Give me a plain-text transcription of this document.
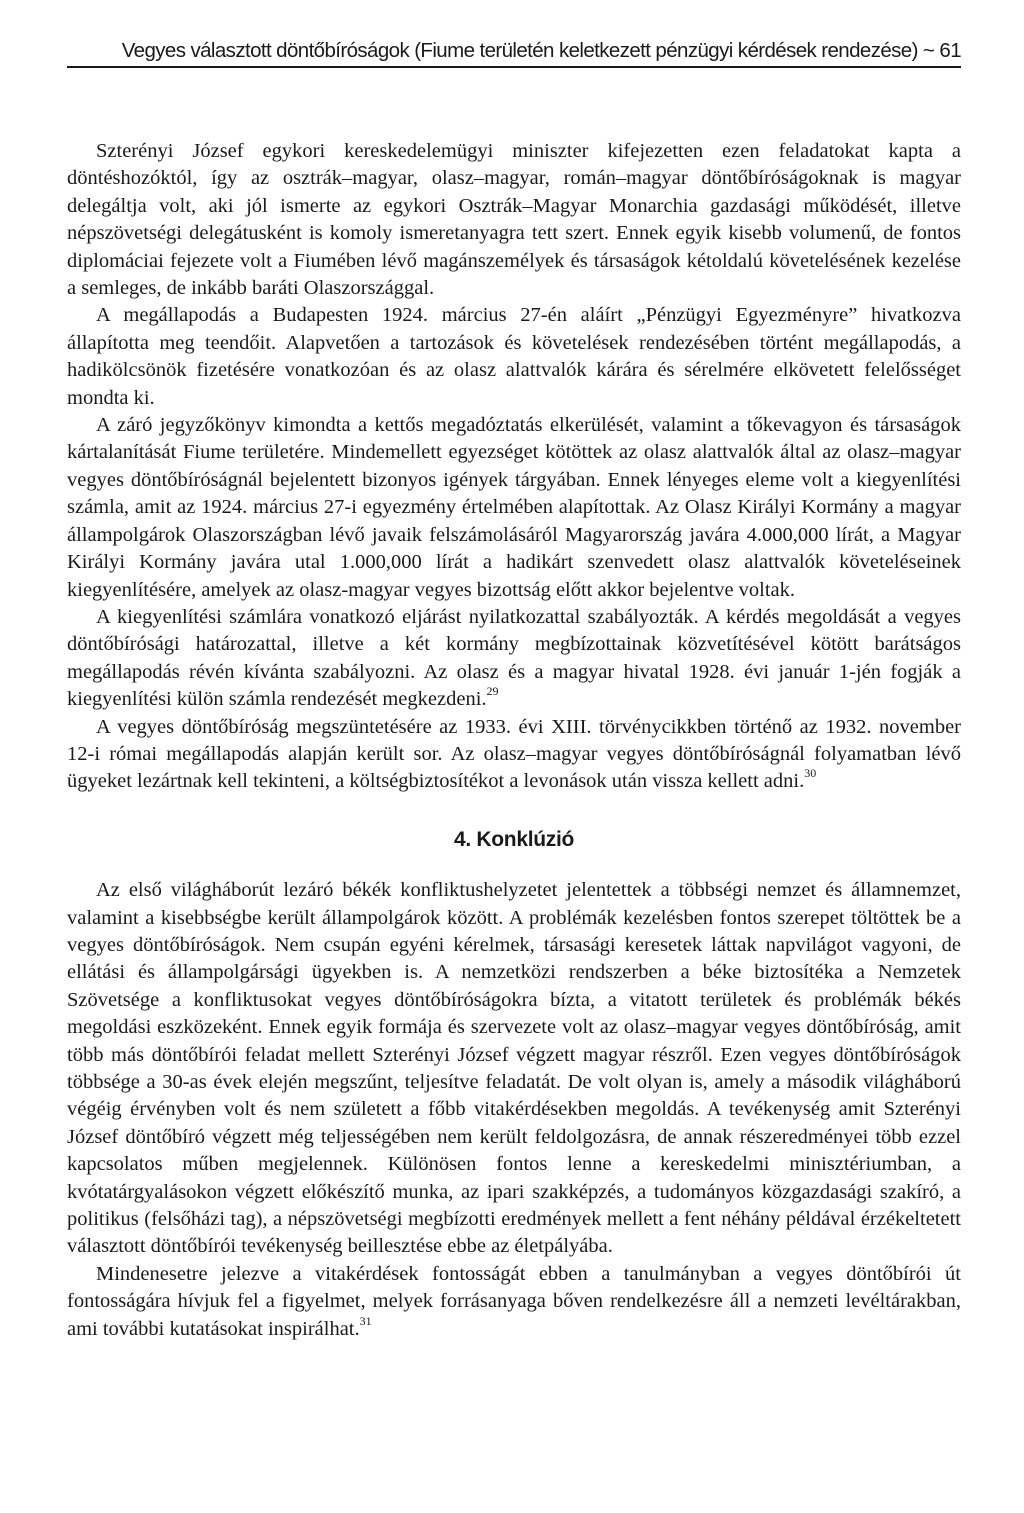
Vegyes választott döntőbíróságok (Fiume területén keletkezett pénzügyi kérdések rendezése) ~ 61

Szterényi József egykori kereskedelemügyi miniszter kifejezetten ezen feladatokat kapta a döntéshozóktól, így az osztrák–magyar, olasz–magyar, román–magyar döntőbíróságoknak is magyar delegáltja volt, aki jól ismerte az egykori Osztrák–Magyar Monarchia gazdasági működését, illetve népszövetségi delegátusként is komoly ismeretanyagra tett szert. Ennek egyik kisebb volumenű, de fontos diplomáciai fejezete volt a Fiumében lévő magánszemélyek és társaságok kétoldalú követelésének kezelése a semleges, de inkább baráti Olaszországgal.

A megállapodás a Budapesten 1924. március 27-én aláírt „Pénzügyi Egyezményre” hivatkozva állapította meg teendőit. Alapvetően a tartozások és követelések rendezésében történt megállapodás, a hadikölcsönök fizetésére vonatkozóan és az olasz alattvalók kárára és sérelmére elkövetett felelősséget mondta ki.

A záró jegyzőkönyv kimondta a kettős megadóztatás elkerülését, valamint a tőkevagyon és társaságok kártalanítását Fiume területére. Mindemellett egyezséget kötöttek az olasz alattvalók által az olasz–magyar vegyes döntőbíróságnál bejelentett bizonyos igények tárgyában. Ennek lényeges eleme volt a kiegyenlítési számla, amit az 1924. március 27-i egyezmény értelmében alapítottak. Az Olasz Királyi Kormány a magyar állampolgárok Olaszországban lévő javaik felszámolásáról Magyarország javára 4.000,000 lírát, a Magyar Királyi Kormány javára utal 1.000,000 lírát a hadikárt szenvedett olasz alattvalók követeléseinek kiegyenlítésére, amelyek az olasz-magyar vegyes bizottság előtt akkor bejelentve voltak.

A kiegyenlítési számlára vonatkozó eljárást nyilatkozattal szabályozták. A kérdés megoldását a vegyes döntőbírósági határozattal, illetve a két kormány megbízottainak közvetítésével kötött barátságos megállapodás révén kívánta szabályozni. Az olasz és a magyar hivatal 1928. évi január 1-jén fogják a kiegyenlítési külön számla rendezését megkezdeni.$^{29}$

A vegyes döntőbíróság megszüntetésére az 1933. évi XIII. törvénycikkben történő az 1932. november 12-i római megállapodás alapján került sor. Az olasz–magyar vegyes döntőbíróságnál folyamatban lévő ügyeket lezártnak kell tekinteni, a költségbiztosítékot a levonások után vissza kellett adni.$^{30}$

4. Konklúzió

Az első világháborút lezáró békék konfliktushelyzetet jelentettek a többségi nemzet és államnemzet, valamint a kisebbségbe került állampolgárok között. A problémák kezelésben fontos szerepet töltöttek be a vegyes döntőbíróságok. Nem csupán egyéni kérelmek, társasági keresetek láttak napvilágot vagyoni, de ellátási és állampolgársági ügyekben is. A nemzetközi rendszerben a béke biztosítéka a Nemzetek Szövetsége a konfliktusokat vegyes döntőbíróságokra bízta, a vitatott területek és problémák békés megoldási eszközeként. Ennek egyik formája és szervezete volt az olasz–magyar vegyes döntőbíróság, amit több más döntőbírói feladat mellett Szterényi József végzett magyar részről. Ezen vegyes döntőbíróságok többsége a 30-as évek elején megszűnt, teljesítve feladatát. De volt olyan is, amely a második világháború végéig érvényben volt és nem született a főbb vitakérdésekben megoldás. A tevékenység amit Szterényi József döntőbíró végzett még teljességében nem került feldolgozásra, de annak részeredményei több ezzel kapcsolatos műben megjelennek. Különösen fontos lenne a kereskedelmi minisztériumban, a kvótatárgyalásokon végzett előkészítő munka, az ipari szakképzés, a tudományos közgazdasági szakíró, a politikus (felsőházi tag), a népszövetségi megbízotti eredmények mellett a fent néhány példával érzékeltetett választott döntőbírói tevékenység beillesztése ebbe az életpályába.

Mindenesetre jelezve a vitakérdések fontosságát ebben a tanulmányban a vegyes döntőbírói út fontosságára hívjuk fel a figyelmet, melyek forrásanyaga bőven rendelkezésre áll a nemzeti levéltárakban, ami további kutatásokat inspirálhat.$^{31}$
